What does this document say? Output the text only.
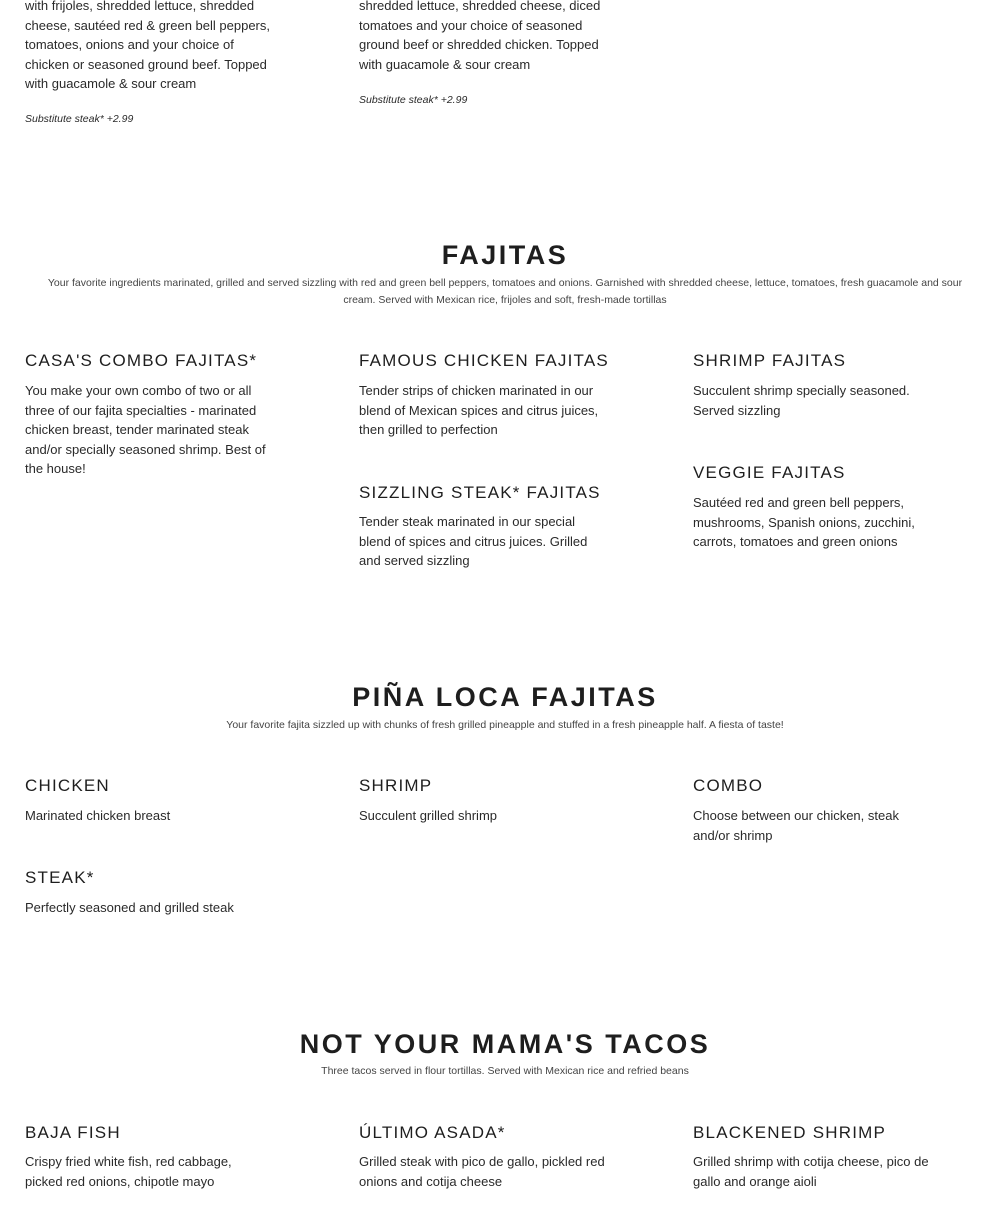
with frijoles, shredded lettuce, shredded cheese, sautéed red & green bell peppers, tomatoes, onions and your choice of chicken or seasoned ground beef. Topped with guacamole & sour cream
Substitute steak* +2.99
shredded lettuce, shredded cheese, diced tomatoes and your choice of seasoned ground beef or shredded chicken. Topped with guacamole & sour cream
Substitute steak* +2.99
FAJITAS
Your favorite ingredients marinated, grilled and served sizzling with red and green bell peppers, tomatoes and onions. Garnished with shredded cheese, lettuce, tomatoes, fresh guacamole and sour cream. Served with Mexican rice, frijoles and soft, fresh-made tortillas
CASA'S COMBO FAJITAS*
You make your own combo of two or all three of our fajita specialties - marinated chicken breast, tender marinated steak and/or specially seasoned shrimp. Best of the house!
FAMOUS CHICKEN FAJITAS
Tender strips of chicken marinated in our blend of Mexican spices and citrus juices, then grilled to perfection
SHRIMP FAJITAS
Succulent shrimp specially seasoned. Served sizzling
SIZZLING STEAK* FAJITAS
Tender steak marinated in our special blend of spices and citrus juices. Grilled and served sizzling
VEGGIE FAJITAS
Sautéed red and green bell peppers, mushrooms, Spanish onions, zucchini, carrots, tomatoes and green onions
PIÑA LOCA FAJITAS
Your favorite fajita sizzled up with chunks of fresh grilled pineapple and stuffed in a fresh pineapple half. A fiesta of taste!
CHICKEN
Marinated chicken breast
SHRIMP
Succulent grilled shrimp
COMBO
Choose between our chicken, steak and/or shrimp
STEAK*
Perfectly seasoned and grilled steak
NOT YOUR MAMA'S TACOS
Three tacos served in flour tortillas. Served with Mexican rice and refried beans
BAJA FISH
Crispy fried white fish, red cabbage, picked red onions, chipotle mayo
ÚLTIMO ASADA*
Grilled steak with pico de gallo, pickled red onions and cotija cheese
BLACKENED SHRIMP
Grilled shrimp with cotija cheese, pico de gallo and orange aioli
